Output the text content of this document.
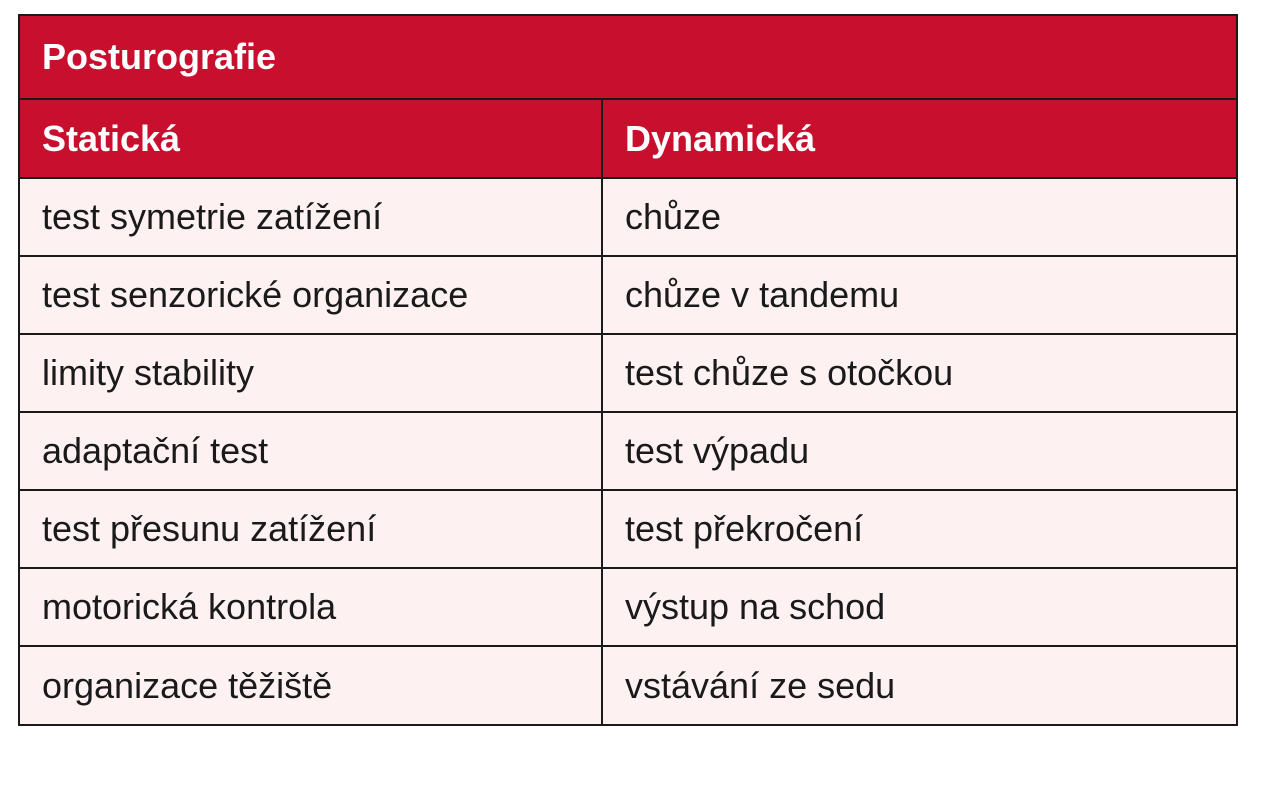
Posturografie
Statická	Dynamická
test symetrie zatížení	chůze
test senzorické organizace	chůze v tandemu
limity stability	test chůze s otočkou
adaptační test	test výpadu
test přesunu zatížení	test překročení
motorická kontrola	výstup na schod
organizace těžiště	vstávání ze sedu
